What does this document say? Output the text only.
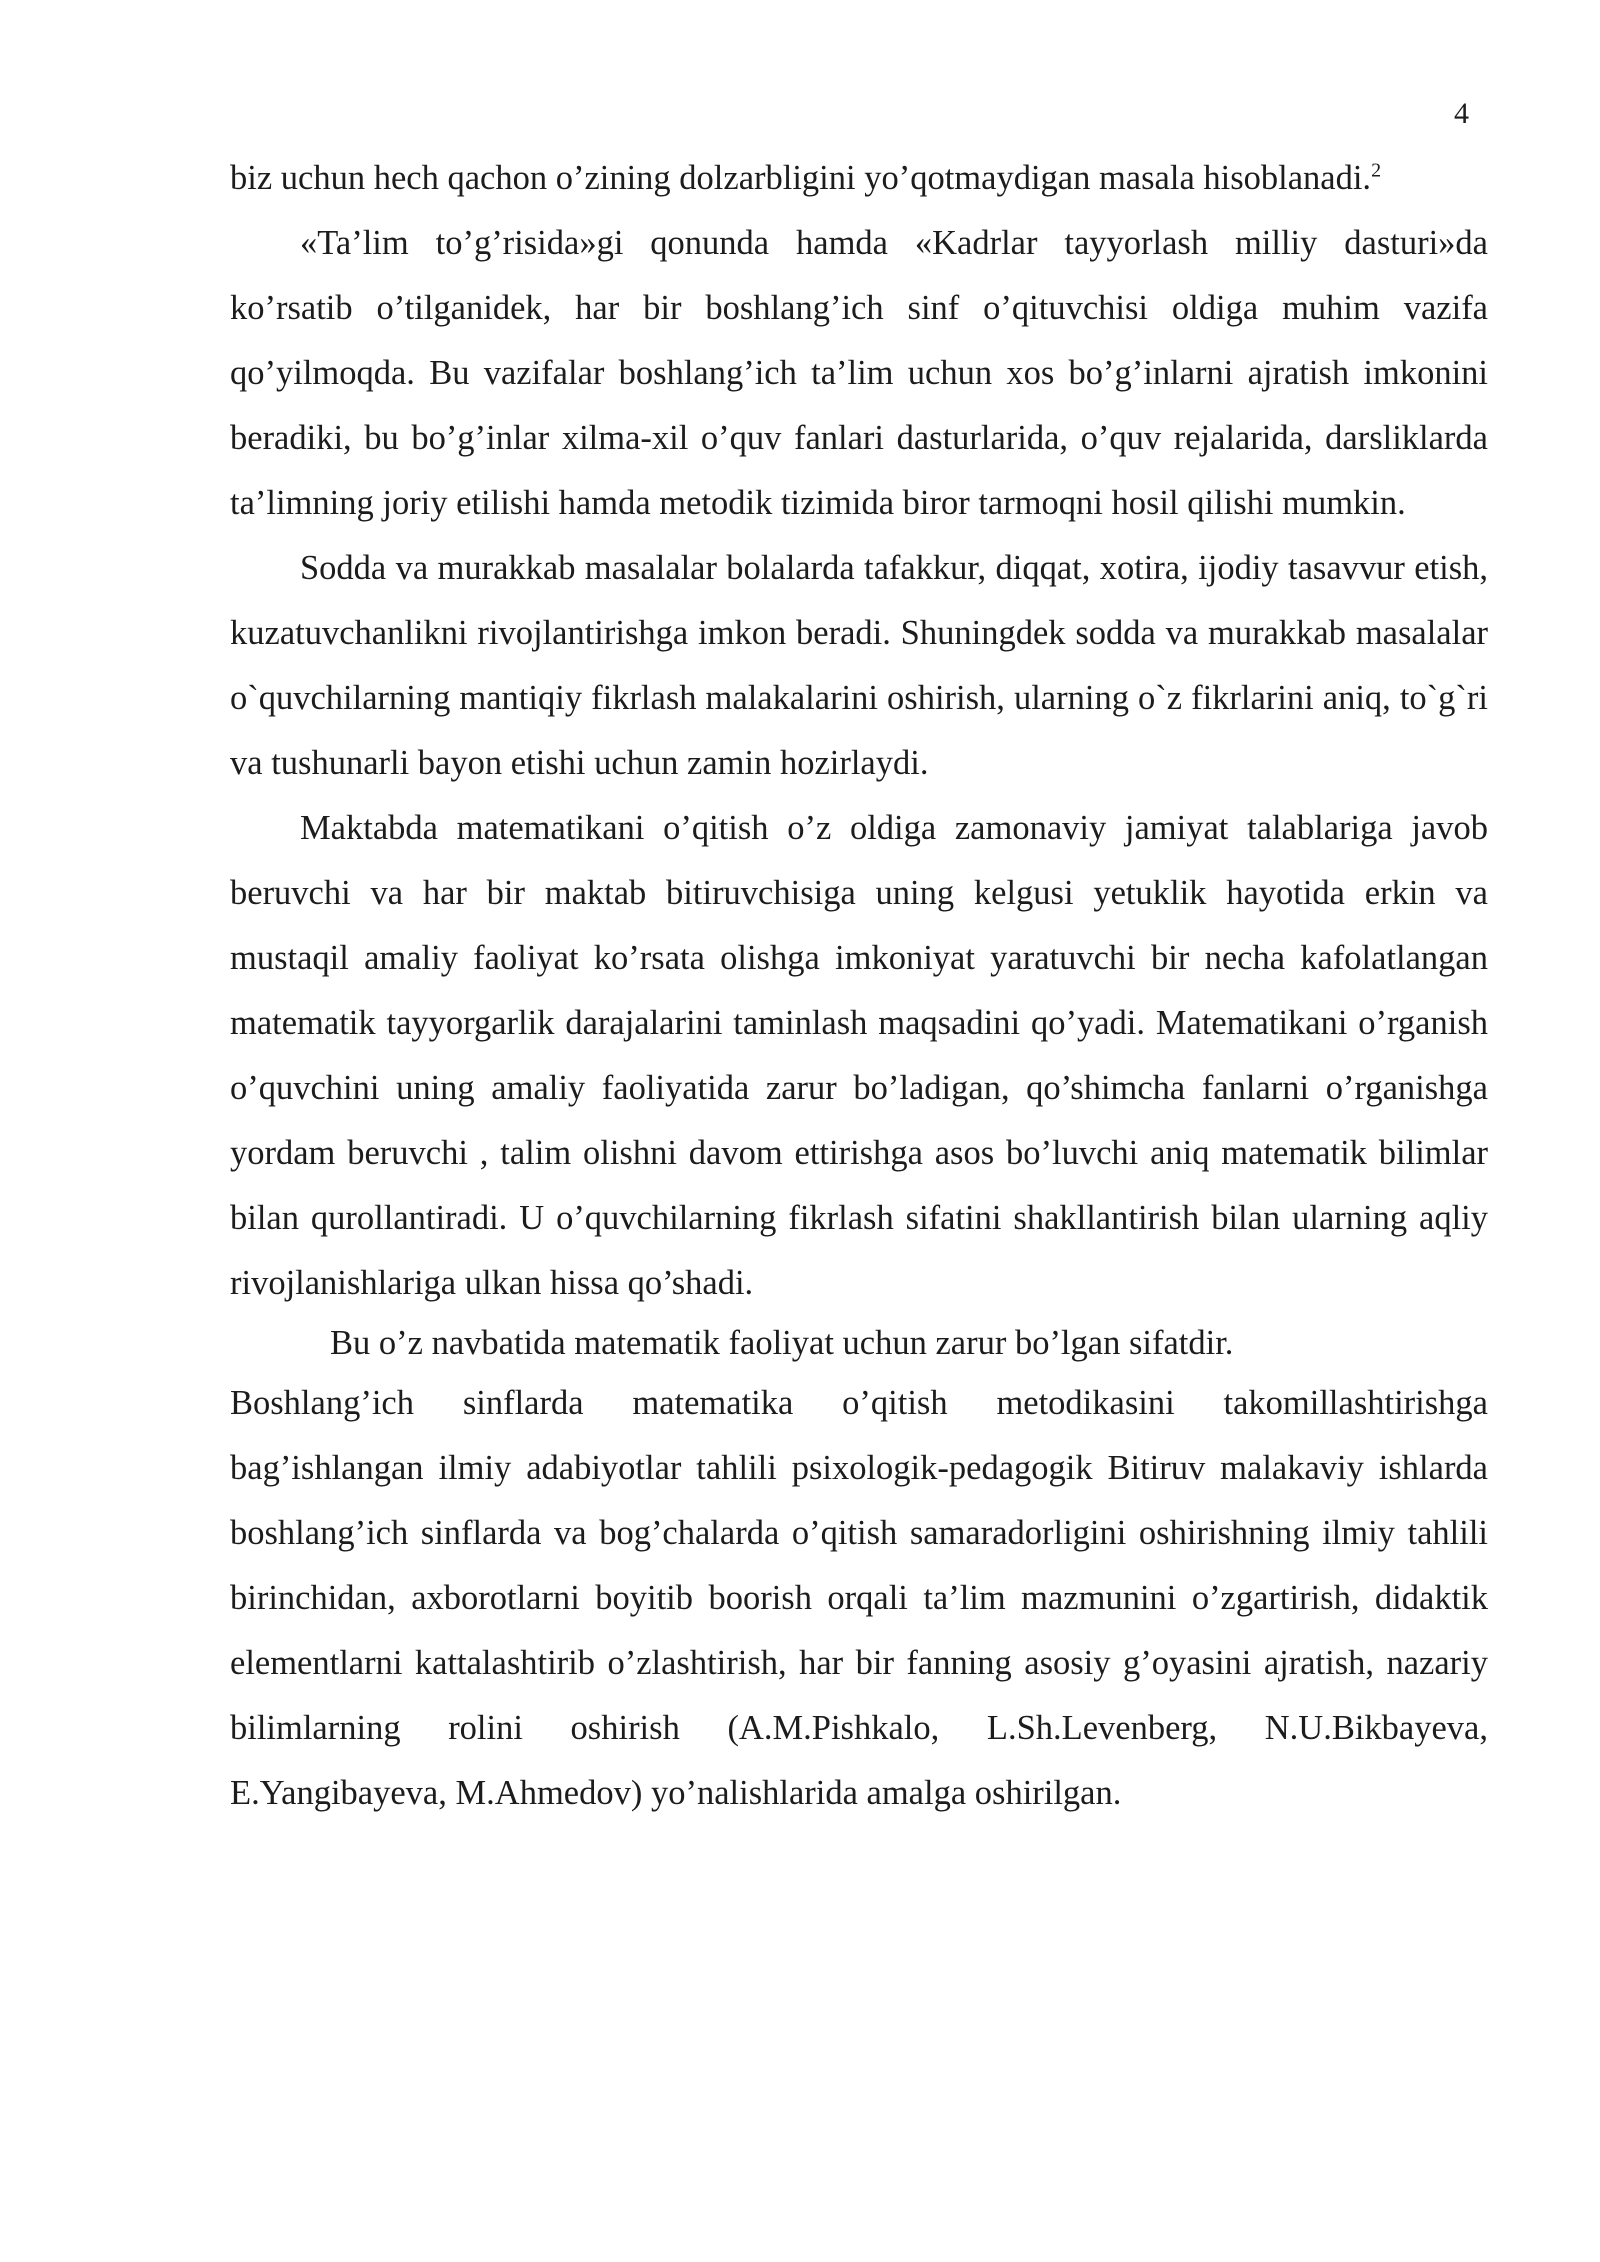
4

biz uchun hech qachon o’zining dolzarbligini yo’qotmaydigan masala hisoblanadi.$^2$

«Ta’lim to’g’risida»gi qonunda hamda «Kadrlar tayyorlash milliy dasturi»da ko’rsatib o’tilganidek, har bir boshlang’ich sinf o’qituvchisi oldiga muhim vazifa qo’yilmoqda. Bu vazifalar boshlang’ich ta’lim uchun xos bo’g’inlarni ajratish imkonini beradiki, bu bo’g’inlar xilma-xil o’quv fanlari dasturlarida, o’quv rejalarida, darsliklarda ta’limning joriy etilishi hamda metodik tizimida biror tarmoqni hosil qilishi mumkin.

Sodda va murakkab masalalar bolalarda tafakkur, diqqat, xotira, ijodiy tasavvur etish, kuzatuvchanlikni rivojlantirishga imkon beradi. Shuningdek sodda va murakkab masalalar o`quvchilarning mantiqiy fikrlash malakalarini oshirish, ularning o`z fikrlarini aniq, to`g`ri va tushunarli bayon etishi uchun zamin hozirlaydi.

Maktabda matematikani o’qitish o’z oldiga zamonaviy jamiyat talablariga javob beruvchi va har bir maktab bitiruvchisiga uning kelgusi yetuklik hayotida erkin va mustaqil amaliy faoliyat ko’rsata olishga imkoniyat yaratuvchi bir necha kafolatlangan matematik tayyorgarlik darajalarini taminlash maqsadini qo’yadi. Matematikani o’rganish o’quvchini uning amaliy faoliyatida zarur bo’ladigan, qo’shimcha fanlarni o’rganishga yordam beruvchi , talim olishni davom ettirishga asos bo’luvchi aniq matematik bilimlar bilan qurollantiradi. U o’quvchilarning fikrlash sifatini shakllantirish bilan ularning aqliy rivojlanishlariga ulkan hissa qo’shadi.

Bu o’z navbatida matematik faoliyat uchun zarur bo’lgan sifatdir.

Boshlang’ich sinflarda matematika o’qitish metodikasini takomillashtirishga bag’ishlangan ilmiy adabiyotlar tahlili psixologik-pedagogik Bitiruv malakaviy ishlarda boshlang’ich sinflarda va bog’chalarda o’qitish samaradorligini oshirishning ilmiy tahlili birinchidan, axborotlarni boyitib boorish orqali ta’lim mazmunini o’zgartirish, didaktik elementlarni kattalashtirib o’zlashtirish, har bir fanning asosiy g’oyasini ajratish, nazariy bilimlarning rolini oshirish (A.M.Pishkalo, L.Sh.Levenberg, N.U.Bikbayeva, E.Yangibayeva, M.Ahmedov) yo’nalishlarida amalga oshirilgan.
